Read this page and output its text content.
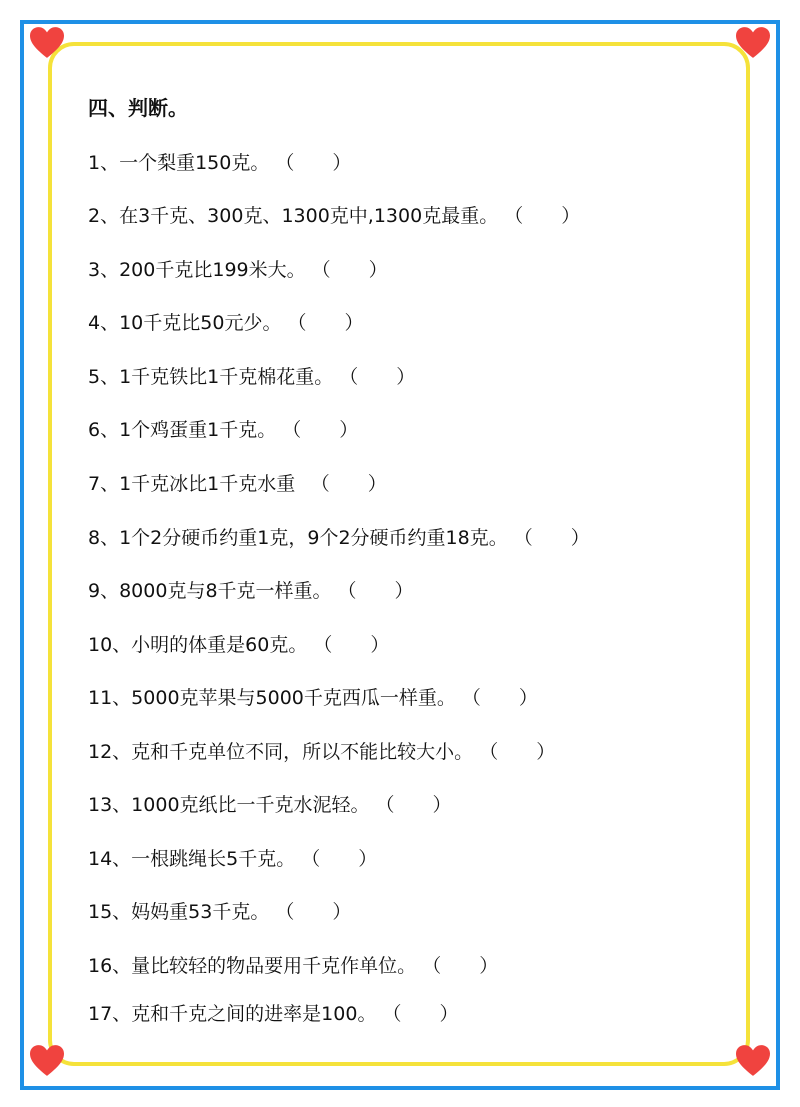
四、判断。
1、一个梨重150克。 （　　）
2、在3千克、300克、1300克中,1300克最重。 （　　）
3、200千克比199米大。 （　　）
4、10千克比50元少。 （　　）
5、1千克铁比1千克棉花重。 （　　）
6、1个鸡蛋重1千克。 （　　）
7、1千克冰比1千克水重　（　　）
8、1个2分硬币约重1克，9个2分硬币约重18克。 （　　）
9、8000克与8千克一样重。 （　　）
10、小明的体重是60克。 （　　）
11、5000克苹果与5000千克西瓜一样重。 （　　）
12、克和千克单位不同，所以不能比较大小。 （　　）
13、1000克纸比一千克水泥轻。 （　　）
14、一根跳绳长5千克。 （　　）
15、妈妈重53千克。 （　　）
16、量比较轻的物品要用千克作单位。 （　　）
17、克和千克之间的进率是100。 （　　）
